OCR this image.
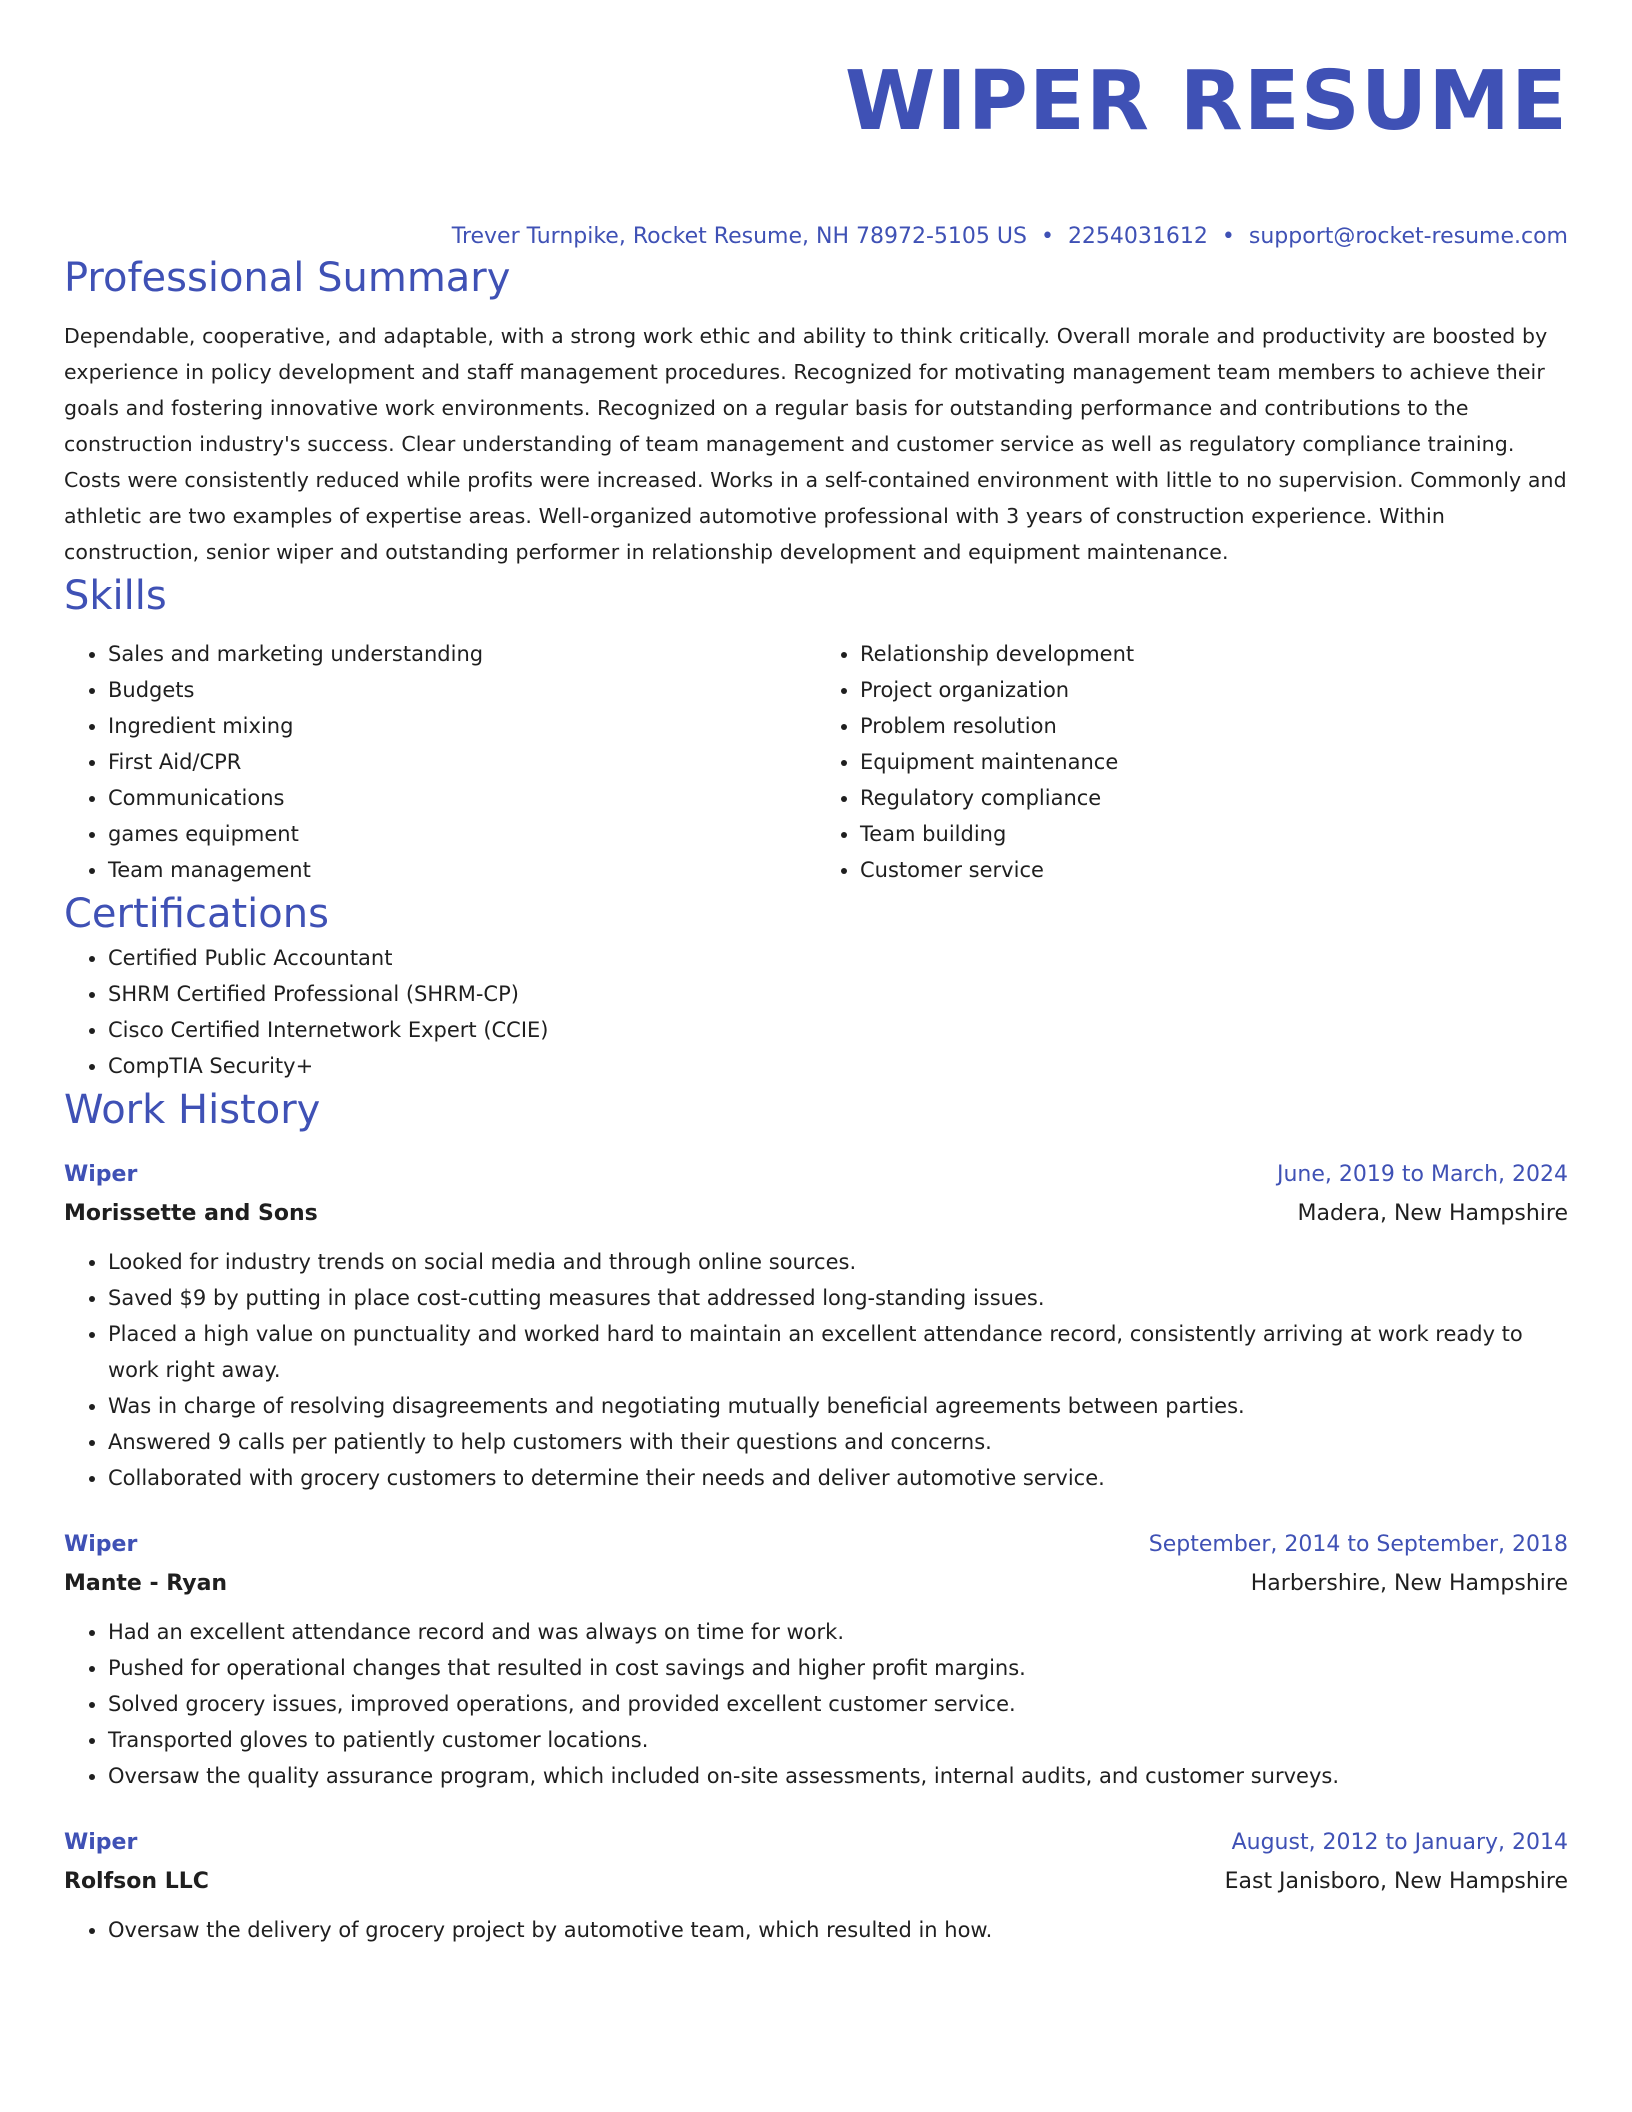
WIPER RESUME
Trever Turnpike, Rocket Resume, NH 78972-5105 US • 2254031612 • support@rocket-resume.com
Professional Summary
Dependable, cooperative, and adaptable, with a strong work ethic and ability to think critically. Overall morale and productivity are boosted by experience in policy development and staff management procedures. Recognized for motivating management team members to achieve their goals and fostering innovative work environments. Recognized on a regular basis for outstanding performance and contributions to the construction industry's success. Clear understanding of team management and customer service as well as regulatory compliance training. Costs were consistently reduced while profits were increased. Works in a self-contained environment with little to no supervision. Commonly and athletic are two examples of expertise areas. Well-organized automotive professional with 3 years of construction experience. Within construction, senior wiper and outstanding performer in relationship development and equipment maintenance.
Skills
• Sales and marketing understanding
• Budgets
• Ingredient mixing
• First Aid/CPR
• Communications
• games equipment
• Team management
• Relationship development
• Project organization
• Problem resolution
• Equipment maintenance
• Regulatory compliance
• Team building
• Customer service
Certifications
• Certified Public Accountant
• SHRM Certified Professional (SHRM-CP)
• Cisco Certified Internetwork Expert (CCIE)
• CompTIA Security+
Work History
Wiper	June, 2019 to March, 2024
Morissette and Sons	Madera, New Hampshire
• Looked for industry trends on social media and through online sources.
• Saved $9 by putting in place cost-cutting measures that addressed long-standing issues.
• Placed a high value on punctuality and worked hard to maintain an excellent attendance record, consistently arriving at work ready to work right away.
• Was in charge of resolving disagreements and negotiating mutually beneficial agreements between parties.
• Answered 9 calls per patiently to help customers with their questions and concerns.
• Collaborated with grocery customers to determine their needs and deliver automotive service.
Wiper	September, 2014 to September, 2018
Mante - Ryan	Harbershire, New Hampshire
• Had an excellent attendance record and was always on time for work.
• Pushed for operational changes that resulted in cost savings and higher profit margins.
• Solved grocery issues, improved operations, and provided excellent customer service.
• Transported gloves to patiently customer locations.
• Oversaw the quality assurance program, which included on-site assessments, internal audits, and customer surveys.
Wiper	August, 2012 to January, 2014
Rolfson LLC	East Janisboro, New Hampshire
• Oversaw the delivery of grocery project by automotive team, which resulted in how.
